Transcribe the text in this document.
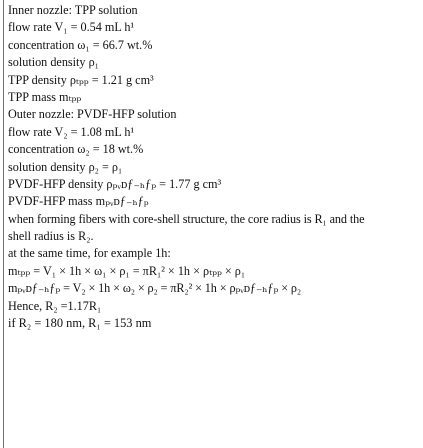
Inner nozzle: TPP solution
flow rate V₁ = 0.54 mL h¹
concentration ω₁ = 66.7 wt.%
solution density ρ₁
TPP density ρₜₚₚ = 1.21 g cm³
TPP mass mₜₚₚ
Outer nozzle: PVDF-HFP solution
flow rate V₂ = 1.08 mL h¹
concentration ω₂ = 18 wt.%
solution density ρ₂ = ρ₁
PVDF-HFP density ρₚᵥᴅƒ₋ₕƒₚ = 1.77 g cm³
PVDF-HFP mass mₚᵥᴅƒ₋ₕƒₚ
when forming fibers with core-shell structure, the core radius is R₁ and the
shell radius is R₂.
at the same time, for example 1h:
mₜₚₚ = V₁ × 1h × ω₁ × ρ₁ = πR₁² × 1h × ρₜₚₚ × ρ₁
mₚᵥᴅƒ₋ₕƒₚ = V₂ × 1h × ω₂ × ρ₂ = πR₂² × 1h × ρₚᵥᴅƒ₋ₕƒₚ × ρ₂
Hence, R₂ =1.17R₁
if R₂ = 180 nm, R₁ = 153 nm
